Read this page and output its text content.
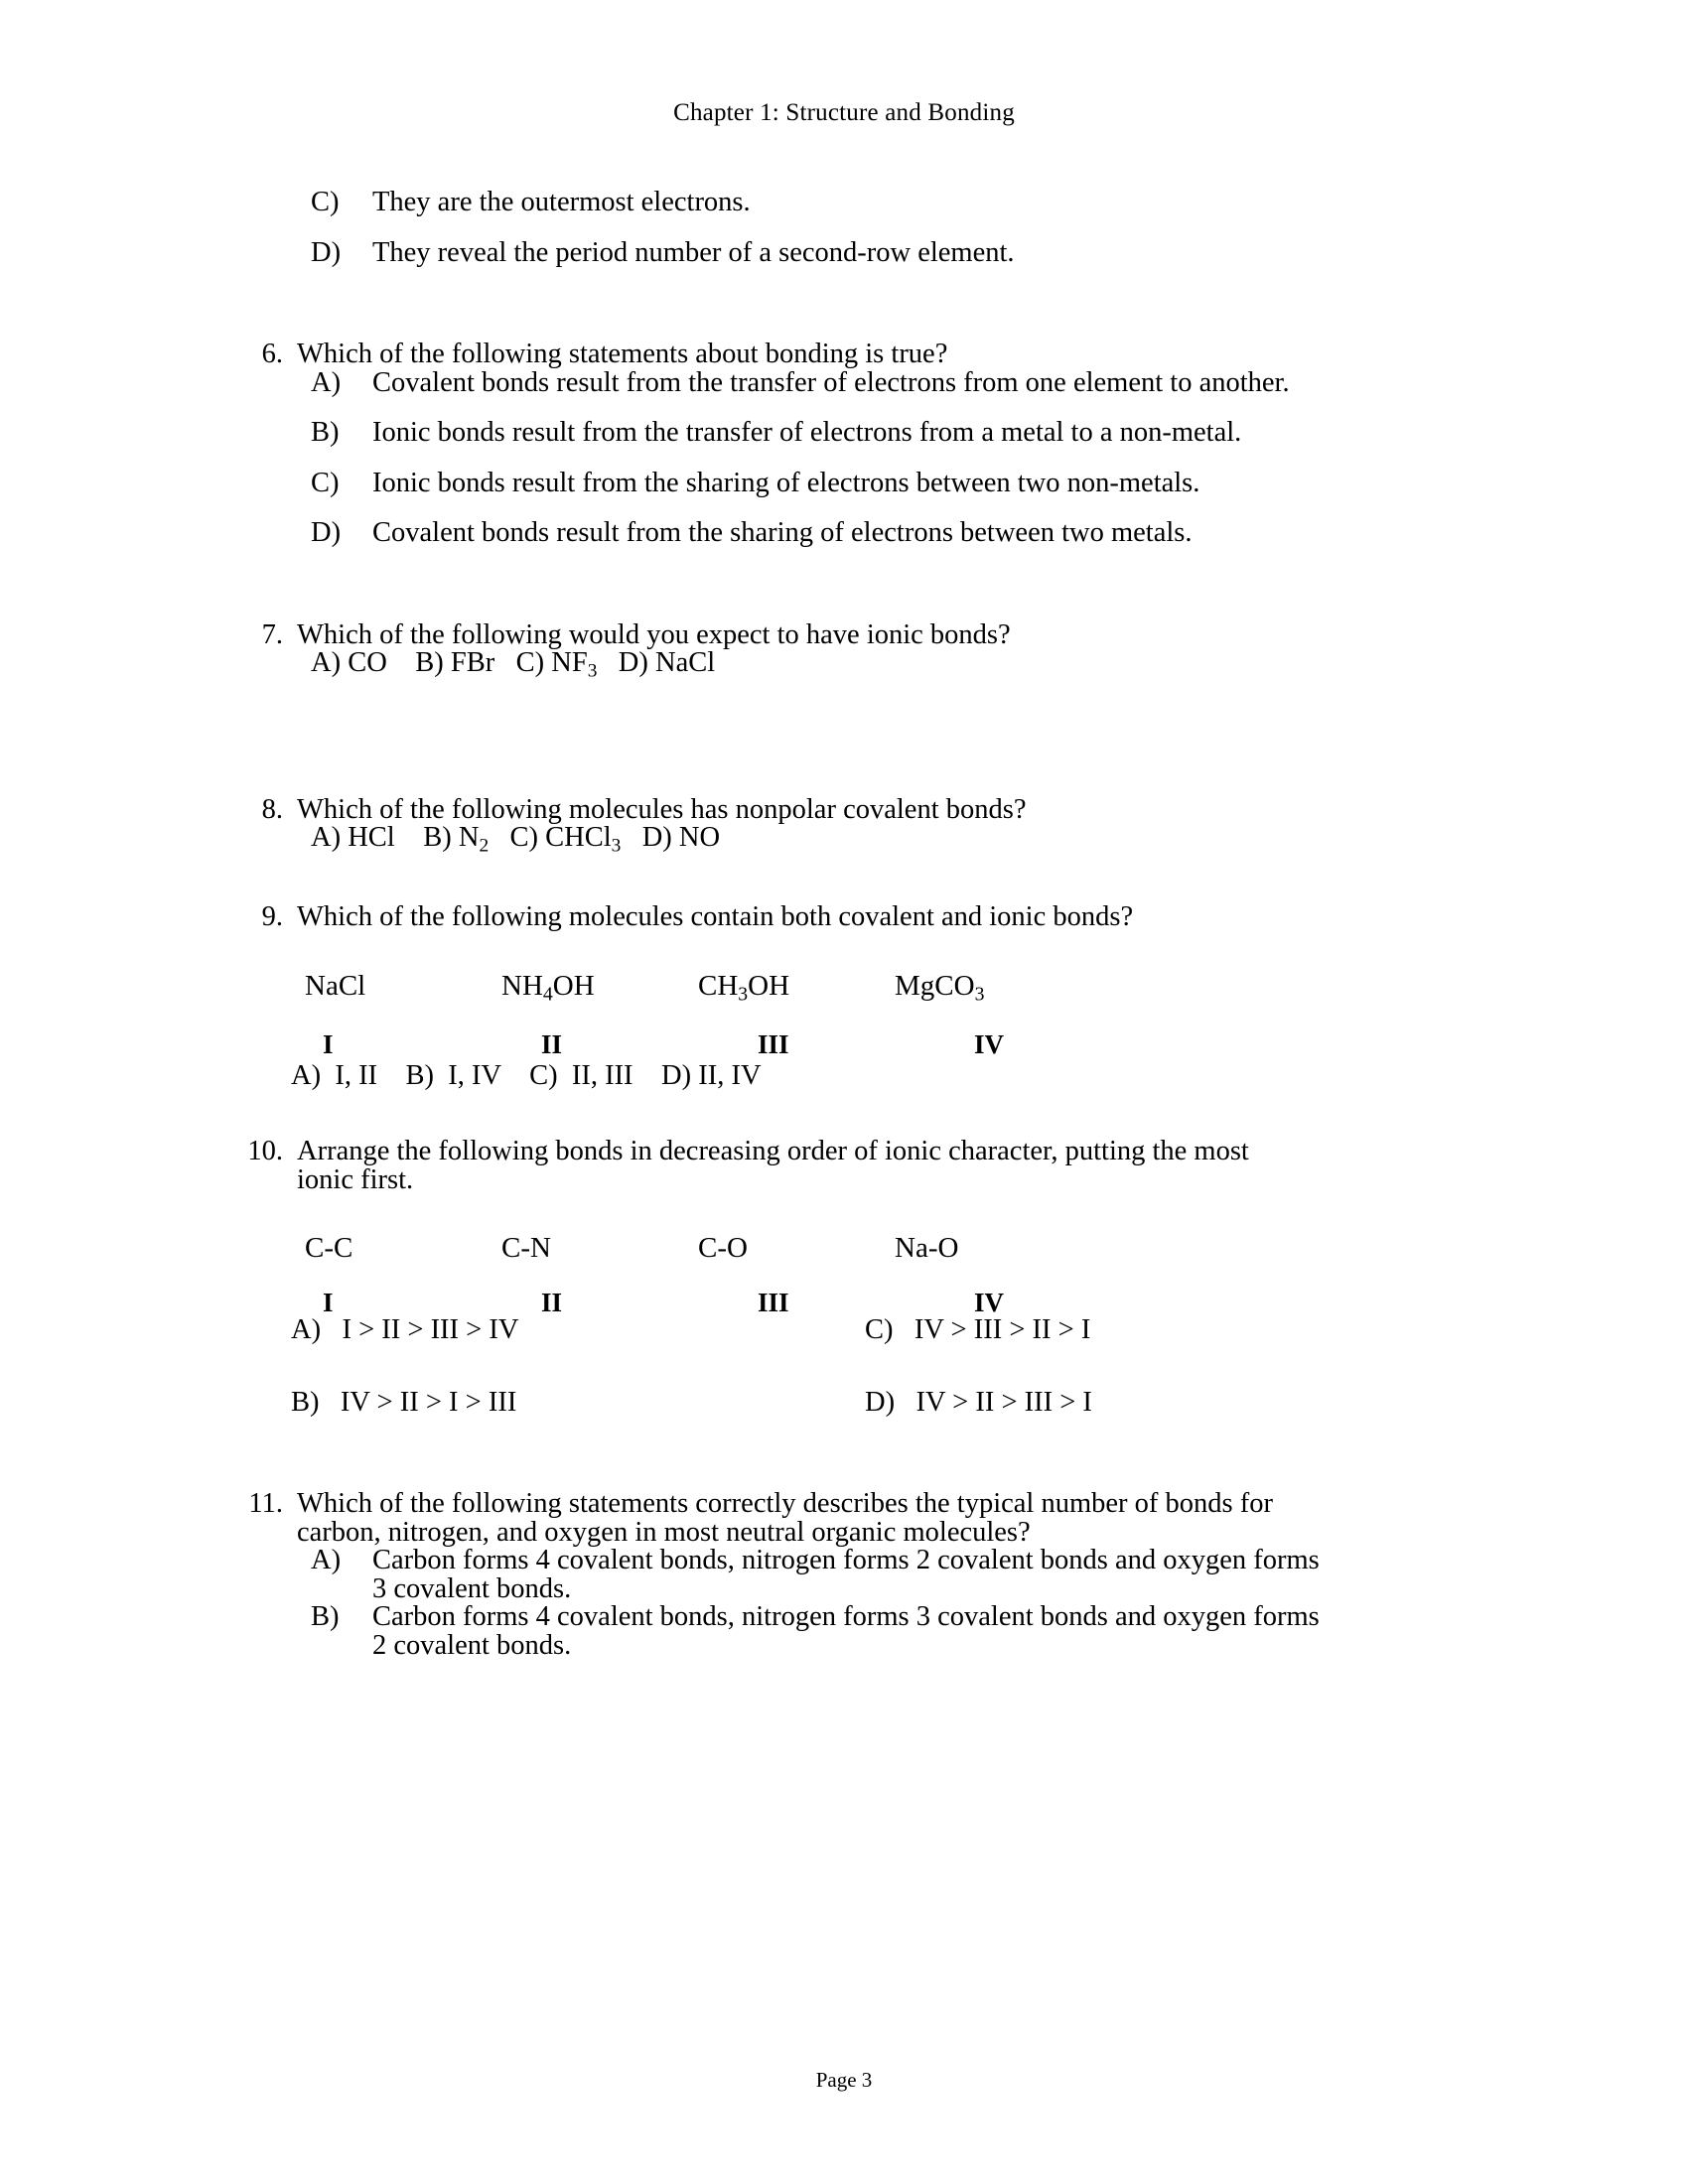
Chapter 1: Structure and Bonding
C)	They are the outermost electrons.
D)	They reveal the period number of a second-row element.
6. Which of the following statements about bonding is true?
A)	Covalent bonds result from the transfer of electrons from one element to another.
B)	Ionic bonds result from the transfer of electrons from a metal to a non-metal.
C)	Ionic bonds result from the sharing of electrons between two non-metals.
D)	Covalent bonds result from the sharing of electrons between two metals.
7. Which of the following would you expect to have ionic bonds?
A) CO B) FBr C) $NF_3$ D) NaCl
8. Which of the following molecules has nonpolar covalent bonds?
A) HCl B) $N_2$ C) CHCl$_3$ D) NO
9. Which of the following molecules contain both covalent and ionic bonds?
NaCl	$NH_4OH$	$CH_3OH$	MgCO$_3$
I	II	III	IV
A)  I, II    B)  I, IV    C)  II, III    D) II, IV
10. Arrange the following bonds in decreasing order of ionic character, putting the most
ionic first.
C-C	C-N	C-O	Na-O
I	II	III	IV
A) I > II > III > IV	C) IV > III > II > I
B) IV > II > I > III	D) IV > II > III > I
11. Which of the following statements correctly describes the typical number of bonds for
carbon, nitrogen, and oxygen in most neutral organic molecules?
A)	Carbon forms 4 covalent bonds, nitrogen forms 2 covalent bonds and oxygen forms
3 covalent bonds.
B)	Carbon forms 4 covalent bonds, nitrogen forms 3 covalent bonds and oxygen forms
2 covalent bonds.
Page 3
